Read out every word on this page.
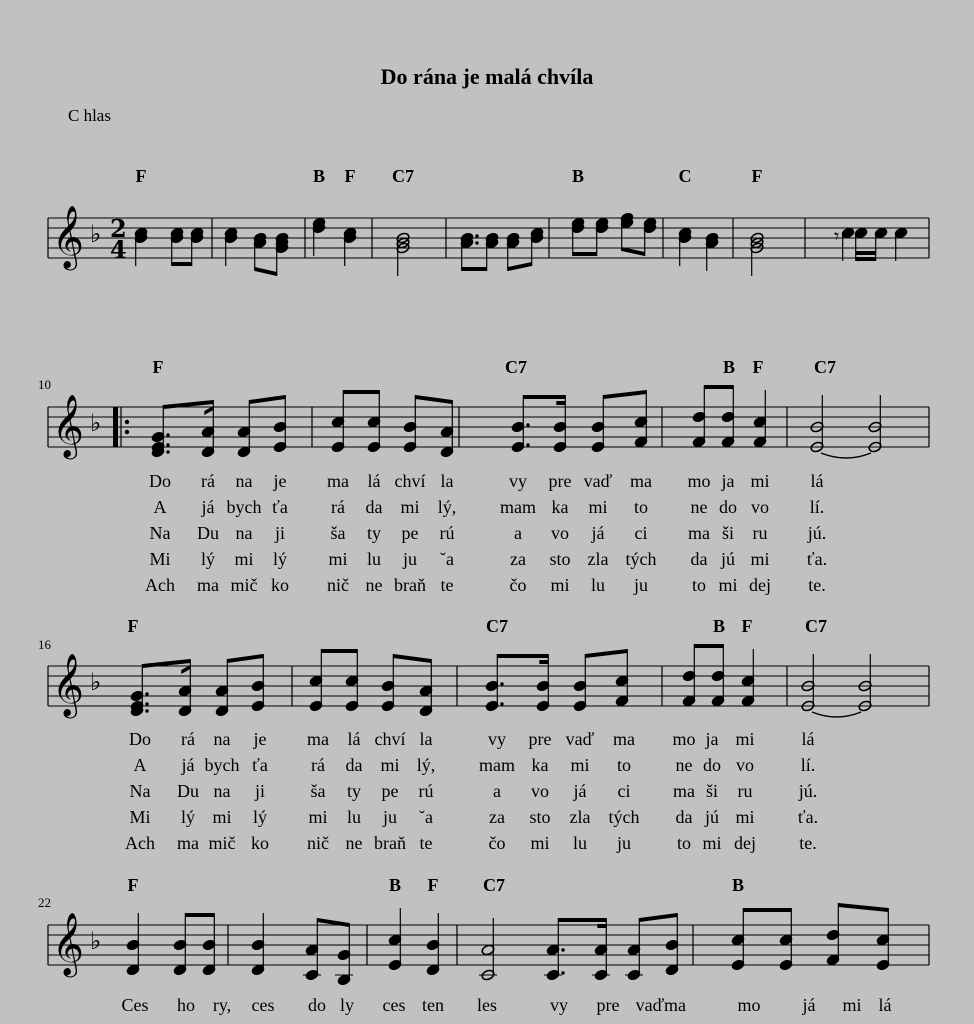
Do rána je malá chvíla
C hlas
F	B F C7	B	C	F
𝄞 ♭ 2
4	𝄾
10
F	C7	B F	C7
Do rá na je ma lá chví la	vy pre vaď ma mo ja mi lá
A já bych ťa rá da mi lý, mam ka mi to ne do vo lí.
Na Du na ji	ša ty pe rú	a vo já ci ma ši ru jú.
Mi lý mi lý mi lu ju ˘a	za sto zla tých da jú mi ťa.
Ach ma mič ko nič ne braň te	čo mi lu ju to mi dej te.
𝄞 ♭
16
F	C7	B F	C7
Do rá na je ma lá chví la	vy pre vaď ma mo ja mi	lá
A já bych ťa rá da mi lý, mam ka mi to ne do vo	lí.
Na Du na ji	ša ty pe rú	a vo já ci ma ši ru	jú.
Mi lý mi lý mi lu ju ˘a	za sto zla tých da jú mi ťa.
Ach ma mič ko nič ne braň te	čo mi lu ju	to mi dej te.
𝄞 ♭
22
F	B F C7	B
Ces ho ry, ces do ly ces ten les	vy pre vaď ma	mo já mi lá
𝄞 ♭
